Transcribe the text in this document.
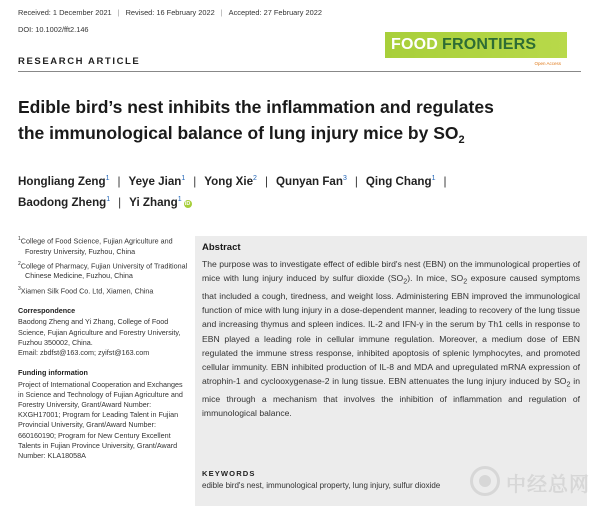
Received: 1 December 2021 | Revised: 16 February 2022 | Accepted: 27 February 2022
DOI: 10.1002/fft2.146
FOOD FRONTIERS
Open Access
RESEARCH ARTICLE
Edible bird’s nest inhibits the inflammation and regulates
the immunological balance of lung injury mice by $SO_2$
Hongliang Zeng$^1$ | Yeye Jian$^1$ | Yong Xie$^2$ | Qunyan Fan$^3$ | Qing Chang$^1$ |
Baodong Zheng$^1$ | Yi Zhang$^1$iD
$^1$College of Food Science, Fujian Agriculture and Forestry University, Fuzhou, China
$^2$College of Pharmacy, Fujian University of Traditional Chinese Medicine, Fuzhou, China
$^3$Xiamen Silk Food Co. Ltd, Xiamen, China
Correspondence
Baodong Zheng and Yi Zhang, College of Food Science, Fujian Agriculture and Forestry University, Fuzhou 350002, China.
Email: zbdfst@163.com; zyifst@163.com
Funding information
Project of International Cooperation and Exchanges in Science and Technology of Fujian Agriculture and Forestry University, Grant/Award Number: KXGH17001; Program for Leading Talent in Fujian Provincial University, Grant/Award Number: 660160190; Program for New Century Excellent Talents in Fujian Province University, Grant/Award Number: KLA18058A
Abstract
The purpose was to investigate effect of edible bird's nest (EBN) on the immunological properties of mice with lung injury induced by sulfur dioxide $(SO_2)$. In mice, $SO_2$ exposure caused symptoms that included a cough, tiredness, and weight loss. Administering EBN improved the immunological function of mice with lung injury in a dose-dependent manner, leading to recovery of the lung tissue and increasing thymus and spleen indices. IL-2 and IFN-γ in the serum by Th1 cells in response to EBN played a leading role in cellular immune regulation. Moreover, a medium dose of EBN regulated the immune stress response, inhibited apoptosis of splenic lymphocytes, and promoted cellular immunity. EBN inhibited production of IL-8 and MDA and upregulated mRNA expression of atrophin-1 and cyclooxygenase-2 in lung tissue. EBN attenuates the lung injury induced by $SO_2$ in mice through a mechanism that involves the inhibition of inflammation and regulation of immunological balance.
KEYWORDS
edible bird's nest, immunological property, lung injury, sulfur dioxide	中经总网
